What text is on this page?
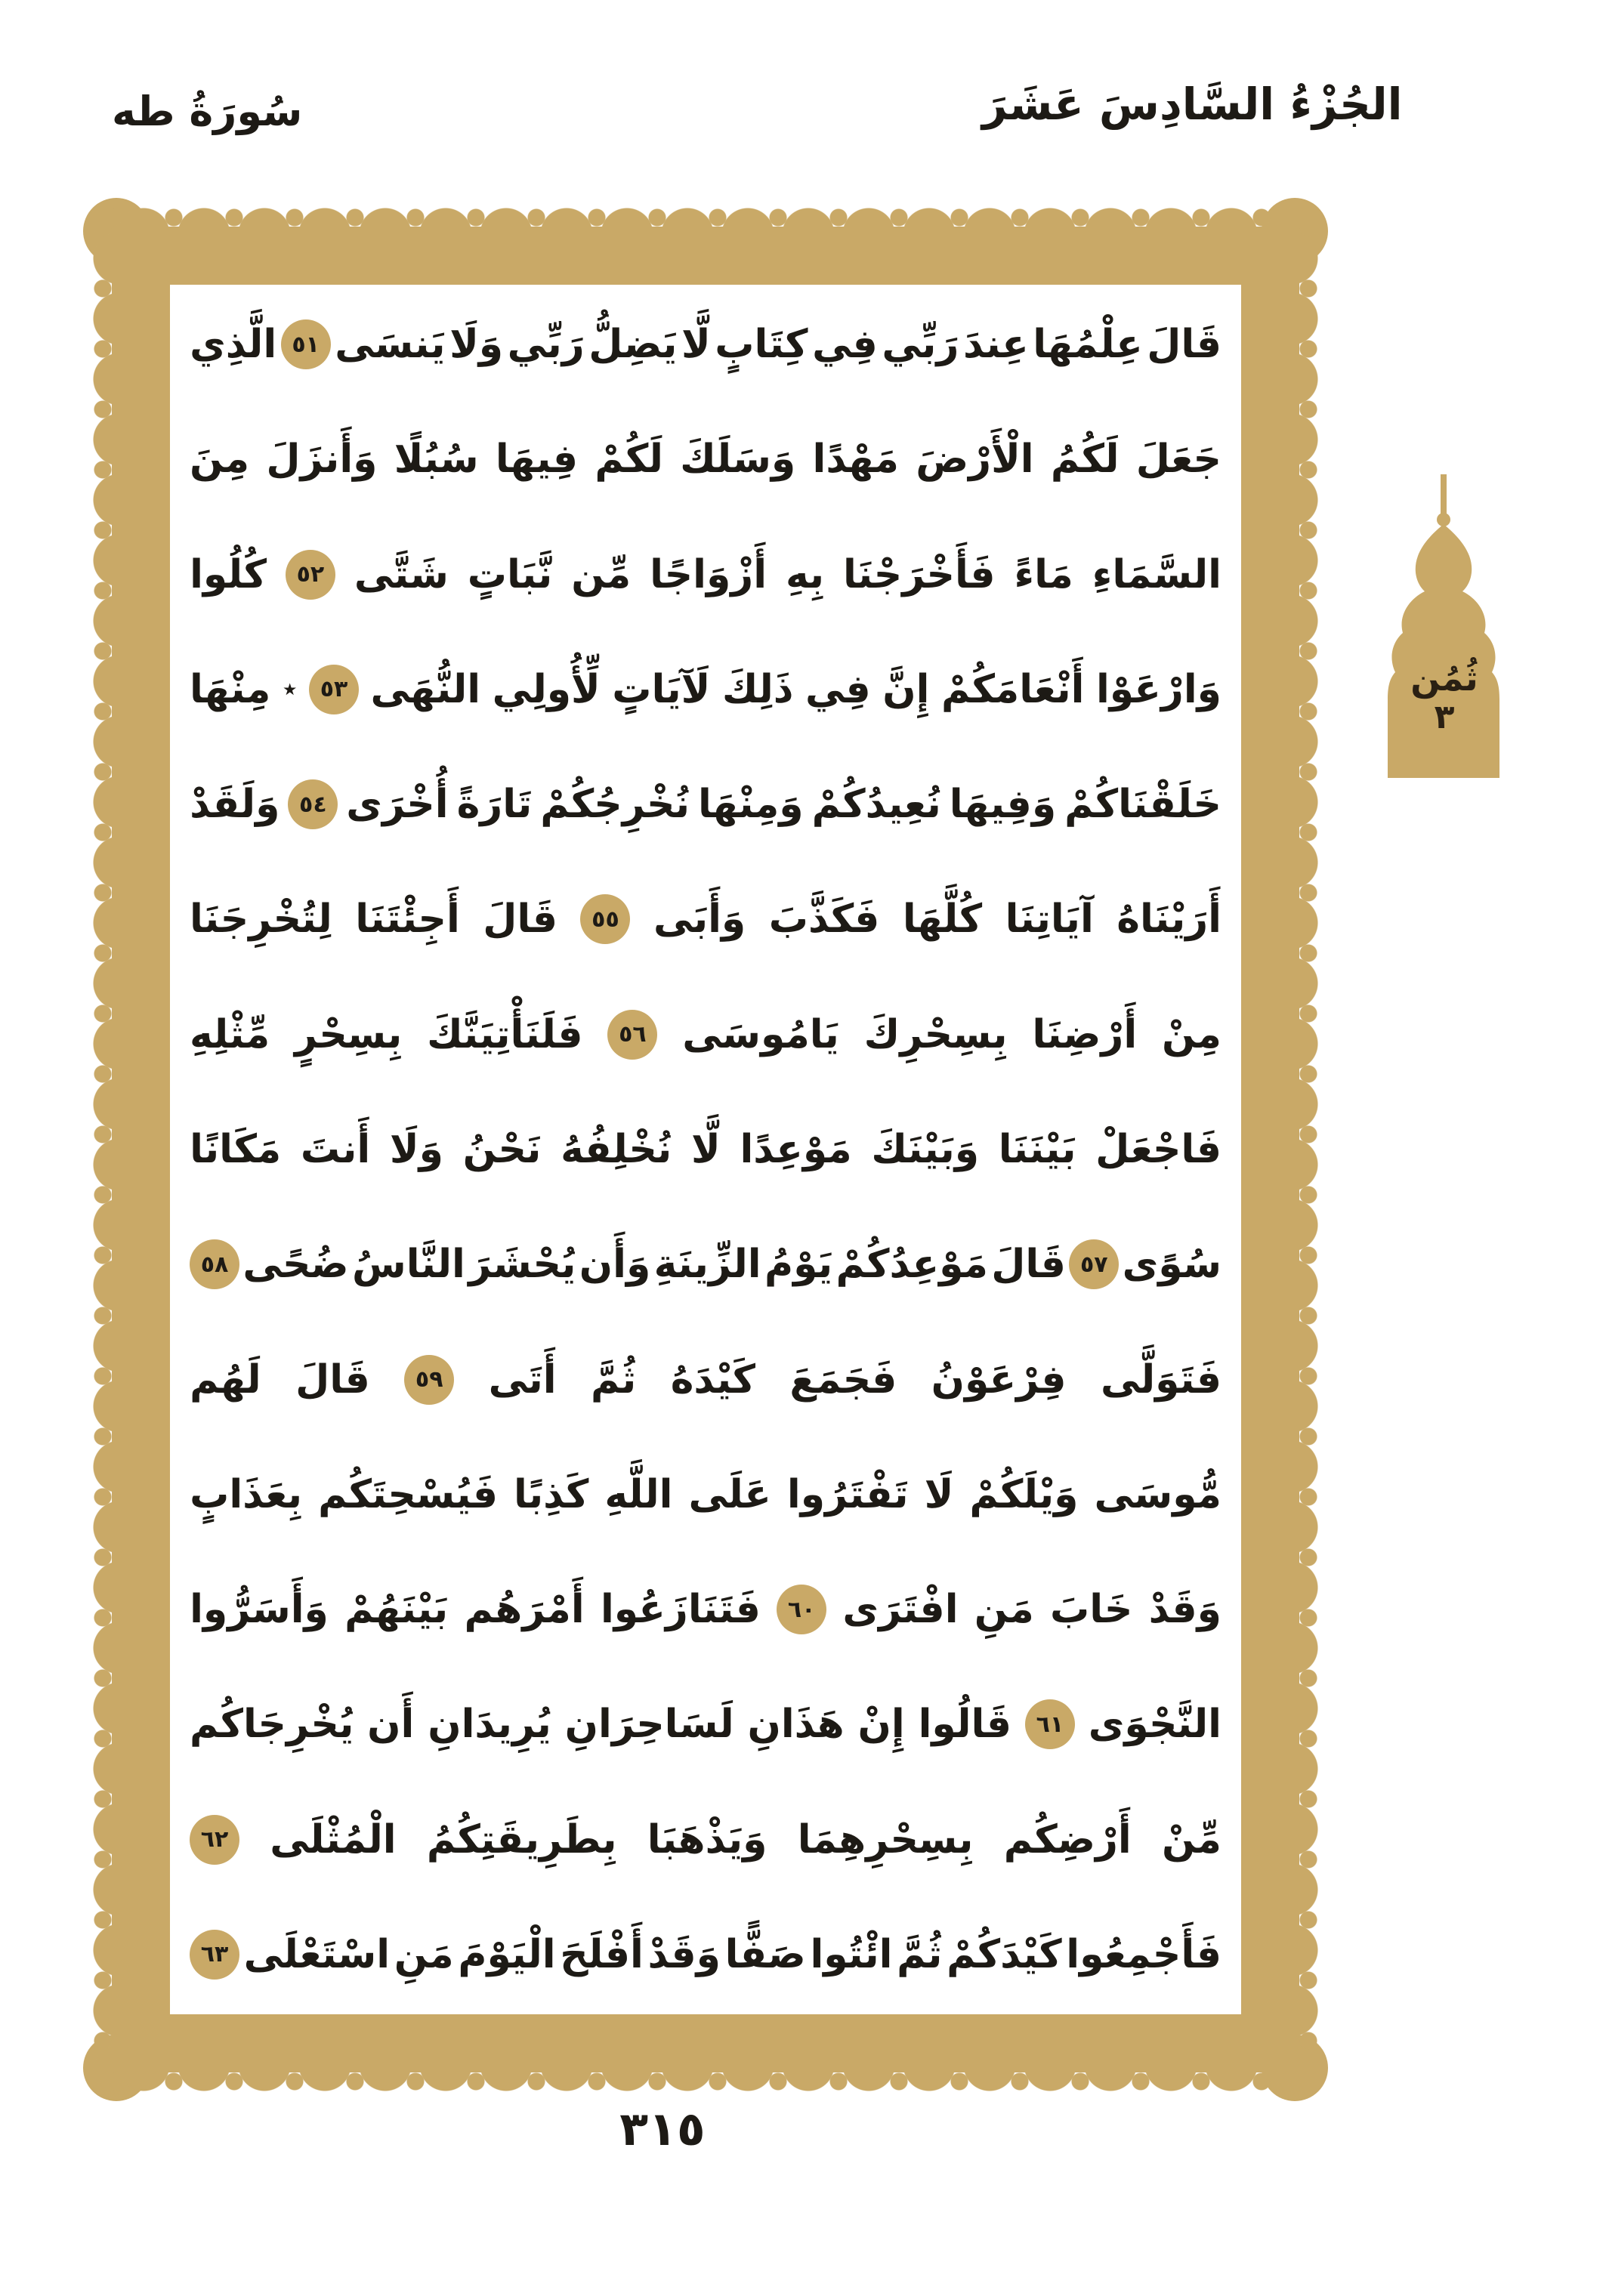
سُورَةُ طه	الجُزْءُ السَّادِسَ عَشَرَ
قَالَ
عِلْمُهَا
عِندَ
رَبِّي
فِي
كِتَابٍ
لَّا
يَضِلُّ
رَبِّي
وَلَا
يَنسَى
٥١
الَّذِي
جَعَلَ
لَكُمُ
الْأَرْضَ
مَهْدًا
وَسَلَكَ
لَكُمْ
فِيهَا
سُبُلًا
وَأَنزَلَ
مِنَ
السَّمَاءِ
مَاءً
فَأَخْرَجْنَا
بِهِ
أَزْوَاجًا
مِّن
نَّبَاتٍ
شَتَّى
٥٢
كُلُوا
وَارْعَوْا
أَنْعَامَكُمْ
إِنَّ
فِي
ذَلِكَ
لَآيَاتٍ
لِّأُولِي
النُّهَى
٥٣
٭
مِنْهَا
خَلَقْنَاكُمْ
وَفِيهَا
نُعِيدُكُمْ
وَمِنْهَا
نُخْرِجُكُمْ
تَارَةً
أُخْرَى
٥٤
وَلَقَدْ
أَرَيْنَاهُ
آيَاتِنَا
كُلَّهَا
فَكَذَّبَ
وَأَبَى
٥٥
قَالَ
أَجِئْتَنَا
لِتُخْرِجَنَا
مِنْ
أَرْضِنَا
بِسِحْرِكَ
يَامُوسَى
٥٦
فَلَنَأْتِيَنَّكَ
بِسِحْرٍ
مِّثْلِهِ
فَاجْعَلْ
بَيْنَنَا
وَبَيْنَكَ
مَوْعِدًا
لَّا
نُخْلِفُهُ
نَحْنُ
وَلَا
أَنتَ
مَكَانًا
سُوًى
٥٧
قَالَ
مَوْعِدُكُمْ
يَوْمُ
الزِّينَةِ
وَأَن
يُحْشَرَ
النَّاسُ
ضُحًى
٥٨
فَتَوَلَّى
فِرْعَوْنُ
فَجَمَعَ
كَيْدَهُ
ثُمَّ
أَتَى
٥٩
قَالَ
لَهُم
مُّوسَى
وَيْلَكُمْ
لَا
تَفْتَرُوا
عَلَى
اللَّهِ
كَذِبًا
فَيُسْحِتَكُم
بِعَذَابٍ
وَقَدْ
خَابَ
مَنِ
افْتَرَى
٦٠
فَتَنَازَعُوا
أَمْرَهُم
بَيْنَهُمْ
وَأَسَرُّوا
النَّجْوَى
٦١
قَالُوا
إِنْ
هَذَانِ
لَسَاحِرَانِ
يُرِيدَانِ
أَن
يُخْرِجَاكُم
مِّنْ
أَرْضِكُم
بِسِحْرِهِمَا
وَيَذْهَبَا
بِطَرِيقَتِكُمُ
الْمُثْلَى
٦٢
فَأَجْمِعُوا
كَيْدَكُمْ
ثُمَّ
ائْتُوا
صَفًّا
وَقَدْ
أَفْلَحَ
الْيَوْمَ
مَنِ
اسْتَعْلَى
٦٣
ثُمُن
٣
٣١٥
